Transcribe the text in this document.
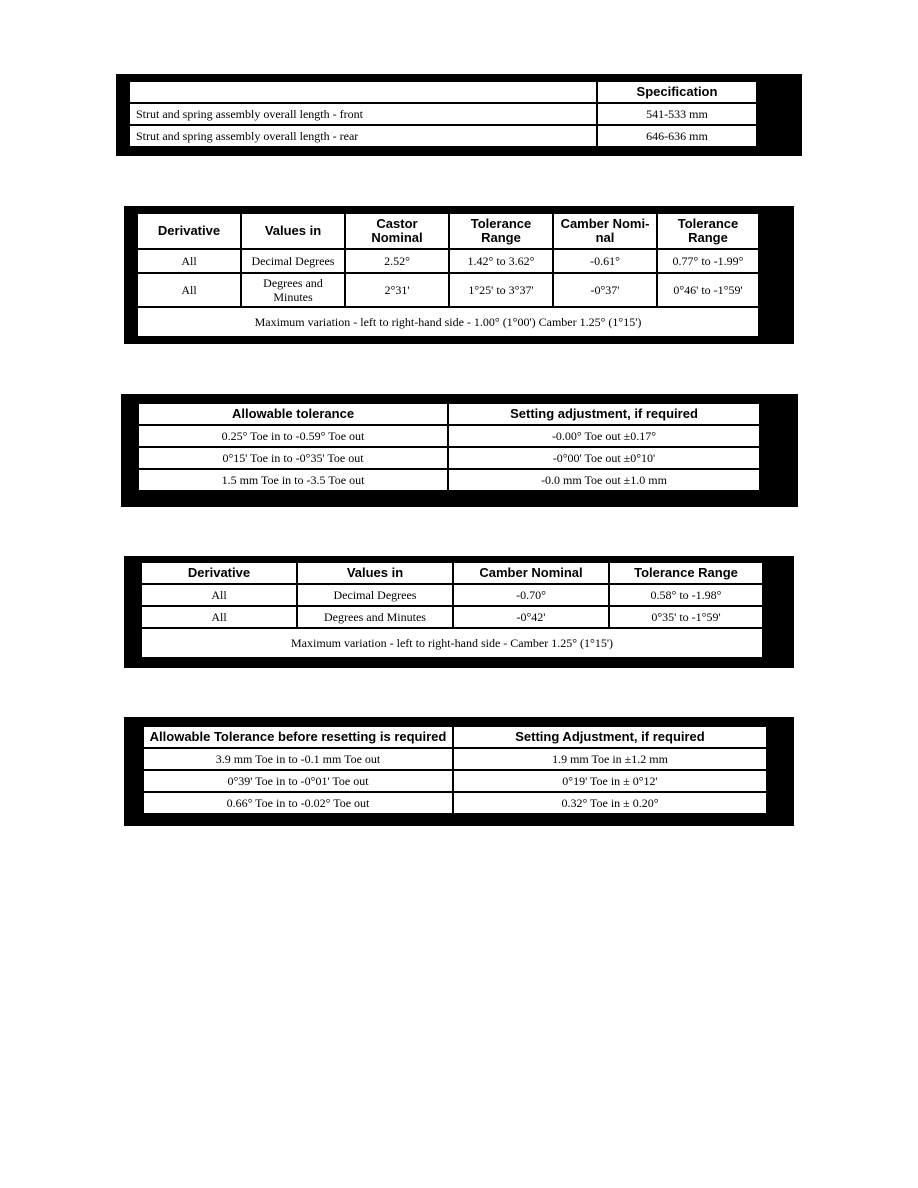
	Specification
Strut and spring assembly overall length - front	541-533 mm
Strut and spring assembly overall length - rear	646-636 mm
Derivative	Values in	Castor Nominal	Tolerance Range	Camber Nomi-nal	Tolerance Range
All	Decimal Degrees	2.52°	1.42° to 3.62°	-0.61°	0.77° to -1.99°
All	Degrees and Minutes	2°31'	1°25' to 3°37'	-0°37'	0°46' to -1°59'
Maximum variation - left to right-hand side - 1.00° (1°00') Camber 1.25° (1°15')					
Allowable tolerance	Setting adjustment, if required
0.25° Toe in to -0.59° Toe out	-0.00° Toe out ±0.17°
0°15' Toe in to -0°35' Toe out	-0°00' Toe out ±0°10'
1.5 mm Toe in to -3.5 Toe out	-0.0 mm Toe out ±1.0 mm
Derivative	Values in	Camber Nominal	Tolerance Range
All	Decimal Degrees	-0.70°	0.58° to -1.98°
All	Degrees and Minutes	-0°42'	0°35' to -1°59'
Maximum variation - left to right-hand side - Camber 1.25° (1°15')			
Allowable Tolerance before resetting is required	Setting Adjustment, if required
3.9 mm Toe in to -0.1 mm Toe out	1.9 mm Toe in ±1.2 mm
0°39' Toe in to -0°01' Toe out	0°19' Toe in ± 0°12'
0.66° Toe in to -0.02° Toe out	0.32° Toe in ± 0.20°
